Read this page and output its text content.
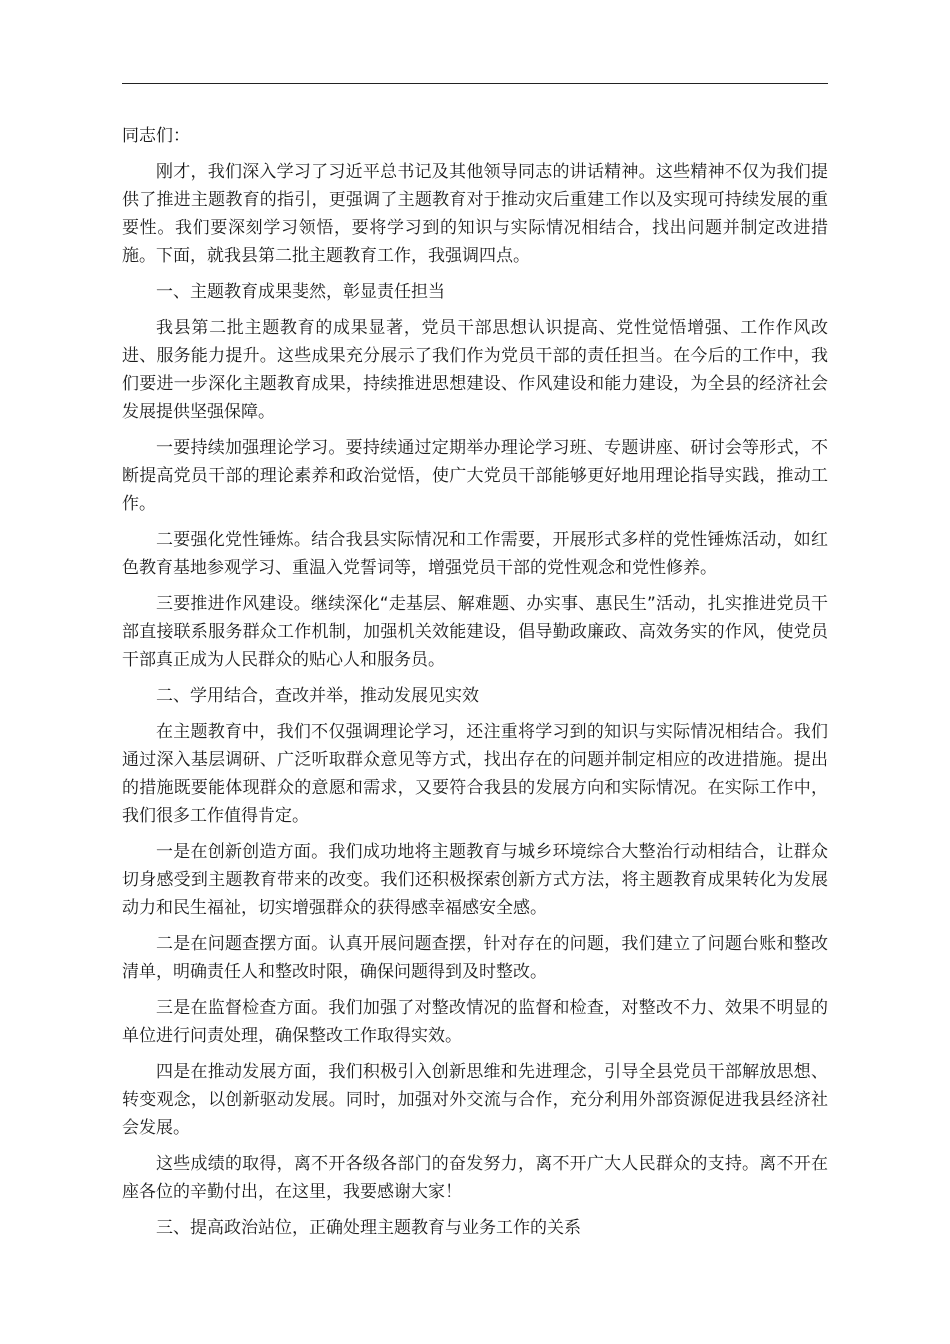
同志们：

刚才，我们深入学习了习近平总书记及其他领导同志的讲话精神。这些精神不仅为我们提供了推进主题教育的指引，更强调了主题教育对于推动灾后重建工作以及实现可持续发展的重要性。我们要深刻学习领悟，要将学习到的知识与实际情况相结合，找出问题并制定改进措施。下面，就我县第二批主题教育工作，我强调四点。

一、主题教育成果斐然，彰显责任担当

我县第二批主题教育的成果显著，党员干部思想认识提高、党性觉悟增强、工作作风改进、服务能力提升。这些成果充分展示了我们作为党员干部的责任担当。在今后的工作中，我们要进一步深化主题教育成果，持续推进思想建设、作风建设和能力建设，为全县的经济社会发展提供坚强保障。

一要持续加强理论学习。要持续通过定期举办理论学习班、专题讲座、研讨会等形式，不断提高党员干部的理论素养和政治觉悟，使广大党员干部能够更好地用理论指导实践，推动工作。

二要强化党性锤炼。结合我县实际情况和工作需要，开展形式多样的党性锤炼活动，如红色教育基地参观学习、重温入党誓词等，增强党员干部的党性观念和党性修养。

三要推进作风建设。继续深化“走基层、解难题、办实事、惠民生”活动，扎实推进党员干部直接联系服务群众工作机制，加强机关效能建设，倡导勤政廉政、高效务实的作风，使党员干部真正成为人民群众的贴心人和服务员。

二、学用结合，查改并举，推动发展见实效

在主题教育中，我们不仅强调理论学习，还注重将学习到的知识与实际情况相结合。我们通过深入基层调研、广泛听取群众意见等方式，找出存在的问题并制定相应的改进措施。提出的措施既要能体现群众的意愿和需求，又要符合我县的发展方向和实际情况。在实际工作中，我们很多工作值得肯定。

一是在创新创造方面。我们成功地将主题教育与城乡环境综合大整治行动相结合，让群众切身感受到主题教育带来的改变。我们还积极探索创新方式方法，将主题教育成果转化为发展动力和民生福祉，切实增强群众的获得感幸福感安全感。

二是在问题查摆方面。认真开展问题查摆，针对存在的问题，我们建立了问题台账和整改清单，明确责任人和整改时限，确保问题得到及时整改。

三是在监督检查方面。我们加强了对整改情况的监督和检查，对整改不力、效果不明显的单位进行问责处理，确保整改工作取得实效。

四是在推动发展方面，我们积极引入创新思维和先进理念，引导全县党员干部解放思想、转变观念，以创新驱动发展。同时，加强对外交流与合作，充分利用外部资源促进我县经济社会发展。

这些成绩的取得，离不开各级各部门的奋发努力，离不开广大人民群众的支持。离不开在座各位的辛勤付出，在这里，我要感谢大家！

三、提高政治站位，正确处理主题教育与业务工作的关系
